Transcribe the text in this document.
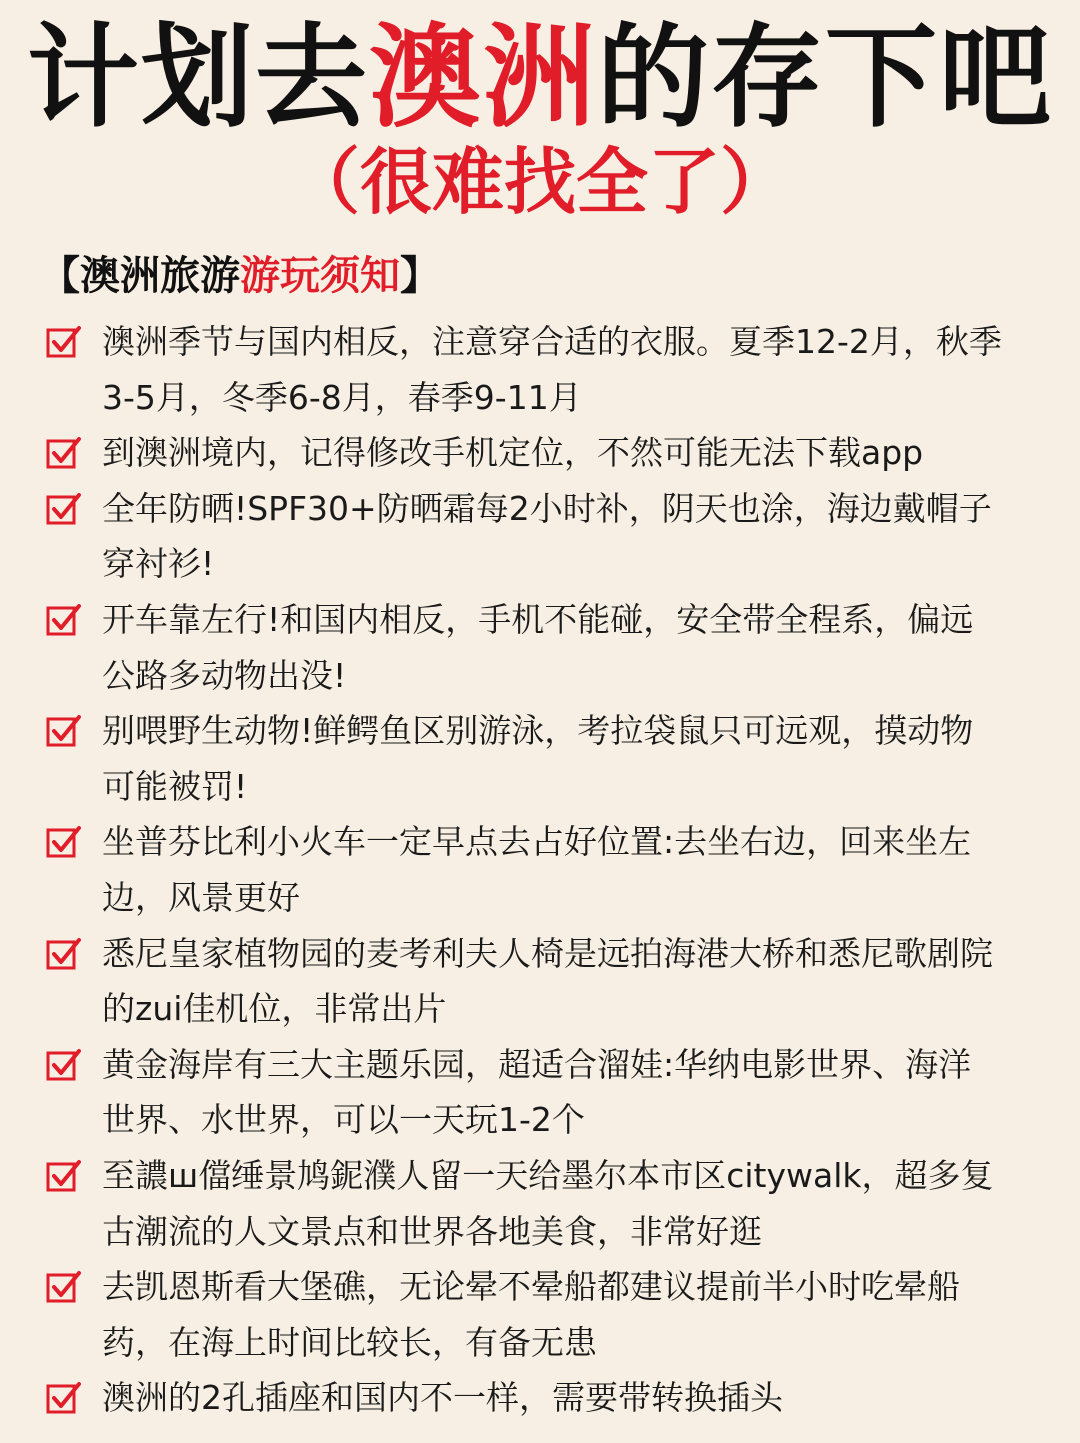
计划去澳洲的存下吧
（很难找全了）
【澳洲旅游游玩须知】
澳洲季节与国内相反，注意穿合适的衣服。夏季12-2月，秋季
3-5月，冬季6-8月，春季9-11月
到澳洲境内，记得修改手机定位，不然可能无法下载app
全年防晒!SPF30+防晒霜每2小时补，阴天也涂，海边戴帽子
穿衬衫!
开车靠左行!和国内相反，手机不能碰，安全带全程系，偏远
公路多动物出没!
别喂野生动物!鲜鳄鱼区别游泳，考拉袋鼠只可远观，摸动物
可能被罚!
坐普芬比利小火车一定早点去占好位置:去坐右边，回来坐左
边，风景更好
悉尼皇家植物园的麦考利夫人椅是远拍海港大桥和悉尼歌剧院
的zui佳机位，非常出片
黄金海岸有三大主题乐园，超适合溜娃:华纳电影世界、海洋
世界、水世界，可以一天玩1-2个
至譨ш儅缍景鸠鈮濮人留一天给墨尔本市区citywalk，超多复
古潮流的人文景点和世界各地美食，非常好逛
去凯恩斯看大堡礁，无论晕不晕船都建议提前半小时吃晕船
药，在海上时间比较长，有备无患
澳洲的2孔插座和国内不一样，需要带转换插头
